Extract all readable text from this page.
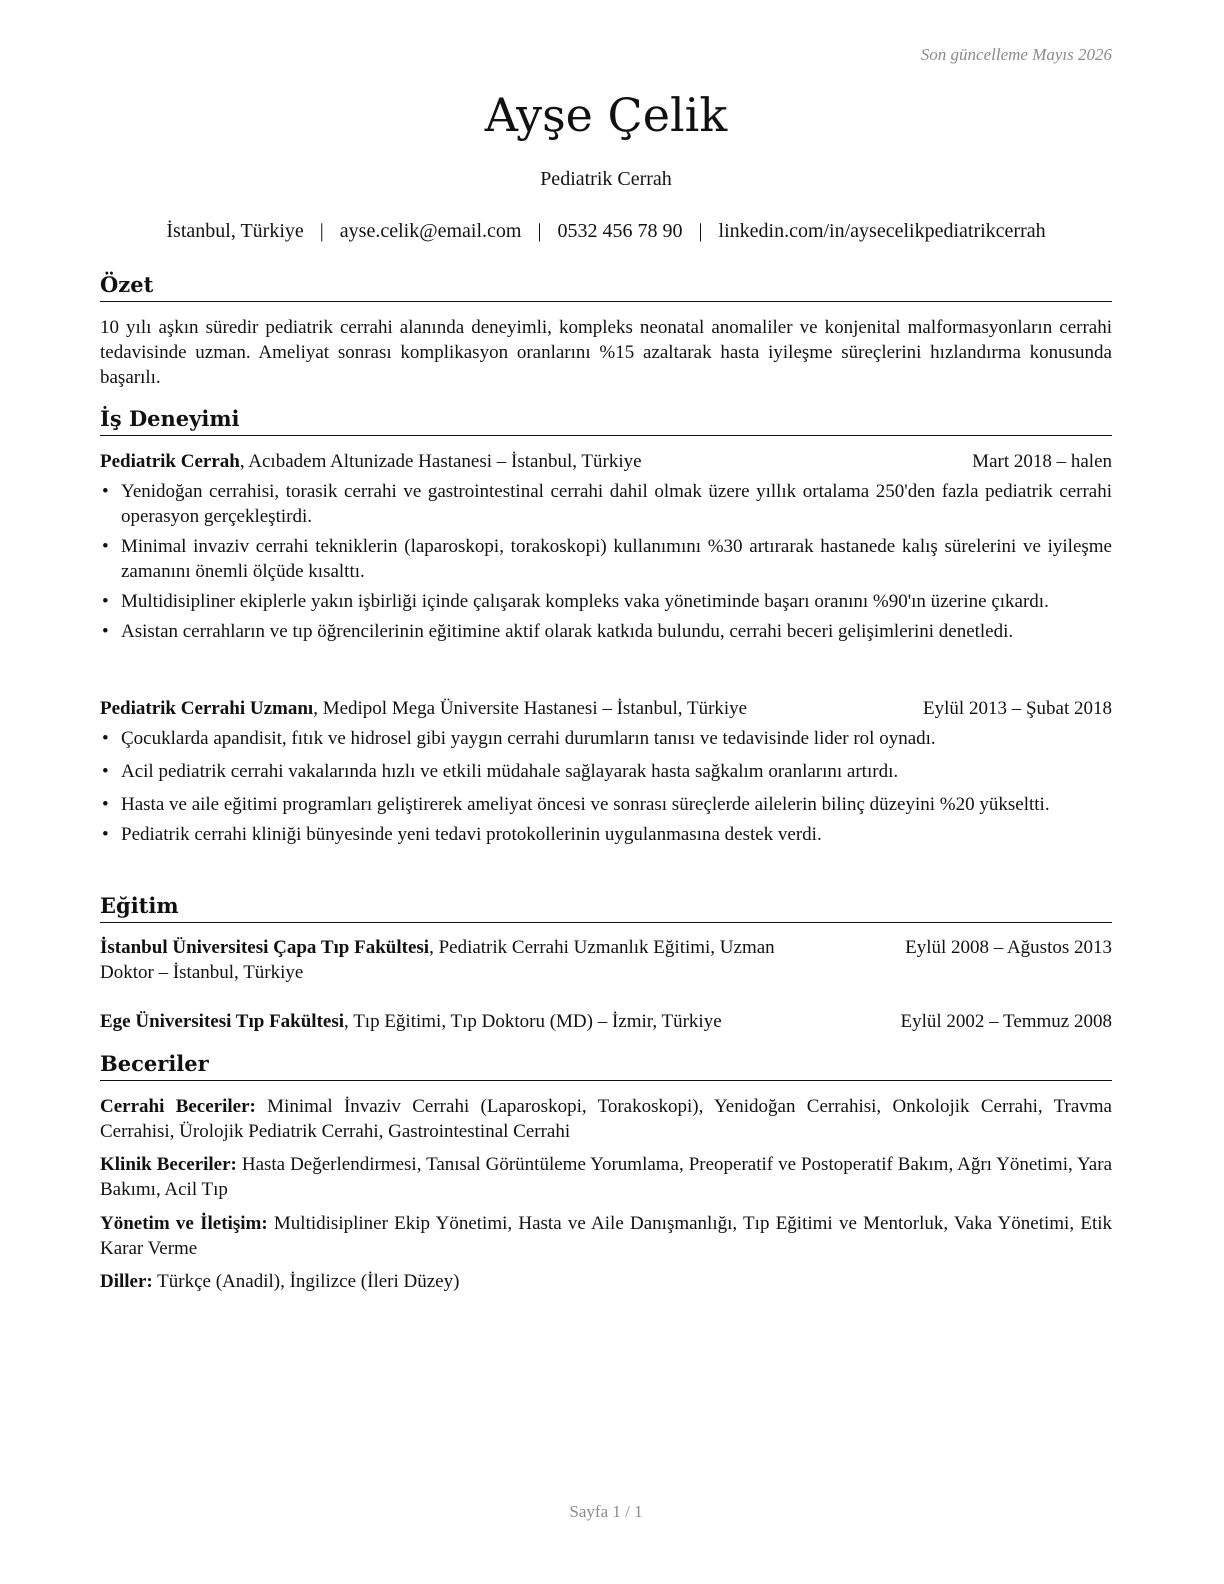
Son güncelleme Mayıs 2026
Ayşe Çelik
Pediatrik Cerrah
İstanbul, Türkiye | ayse.celik@email.com | 0532 456 78 90 | linkedin.com/in/aysecelikpediatrikcerrah
Özet

10 yılı aşkın süredir pediatrik cerrahi alanında deneyimli, kompleks neonatal anomaliler ve konjenital malformasyonların cerrahi tedavisinde uzman. Ameliyat sonrası komplikasyon oranlarını %15 azaltarak hasta iyileşme süreçlerini hızlandırma konusunda başarılı.

İş Deneyimi
Pediatrik Cerrah, Acıbadem Altunizade Hastanesi – İstanbul, Türkiye	Mart 2018 – halen
• Yenidoğan cerrahisi, torasik cerrahi ve gastrointestinal cerrahi dahil olmak üzere yıllık ortalama 250'den fazla pediatrik cerrahi operasyon gerçekleştirdi.
• Minimal invaziv cerrahi tekniklerin (laparoskopi, torakoskopi) kullanımını %30 artırarak hastanede kalış sürelerini ve iyileşme zamanını önemli ölçüde kısalttı.
• Multidisipliner ekiplerle yakın işbirliği içinde çalışarak kompleks vaka yönetiminde başarı oranını %90'ın üzerine çıkardı.
• Asistan cerrahların ve tıp öğrencilerinin eğitimine aktif olarak katkıda bulundu, cerrahi beceri gelişimlerini denetledi.
Pediatrik Cerrahi Uzmanı, Medipol Mega Üniversite Hastanesi – İstanbul, Türkiye	Eylül 2013 – Şubat 2018
• Çocuklarda apandisit, fıtık ve hidrosel gibi yaygın cerrahi durumların tanısı ve tedavisinde lider rol oynadı.
• Acil pediatrik cerrahi vakalarında hızlı ve etkili müdahale sağlayarak hasta sağkalım oranlarını artırdı.
• Hasta ve aile eğitimi programları geliştirerek ameliyat öncesi ve sonrası süreçlerde ailelerin bilinç düzeyini %20 yükseltti.
• Pediatrik cerrahi kliniği bünyesinde yeni tedavi protokollerinin uygulanmasına destek verdi.
Eğitim
İstanbul Üniversitesi Çapa Tıp Fakültesi, Pediatrik Cerrahi Uzmanlık Eğitimi, Uzman	Eylül 2008 – Ağustos 2013
Doktor – İstanbul, Türkiye
Ege Üniversitesi Tıp Fakültesi, Tıp Eğitimi, Tıp Doktoru (MD) – İzmir, Türkiye	Eylül 2002 – Temmuz 2008
Beceriler

Cerrahi Beceriler: Minimal İnvaziv Cerrahi (Laparoskopi, Torakoskopi), Yenidoğan Cerrahisi, Onkolojik Cerrahi, Travma Cerrahisi, Ürolojik Pediatrik Cerrahi, Gastrointestinal Cerrahi

Klinik Beceriler: Hasta Değerlendirmesi, Tanısal Görüntüleme Yorumlama, Preoperatif ve Postoperatif Bakım, Ağrı Yönetimi, Yara Bakımı, Acil Tıp

Yönetim ve İletişim: Multidisipliner Ekip Yönetimi, Hasta ve Aile Danışmanlığı, Tıp Eğitimi ve Mentorluk, Vaka Yönetimi, Etik Karar Verme

Diller: Türkçe (Anadil), İngilizce (İleri Düzey)

Sayfa 1 / 1
